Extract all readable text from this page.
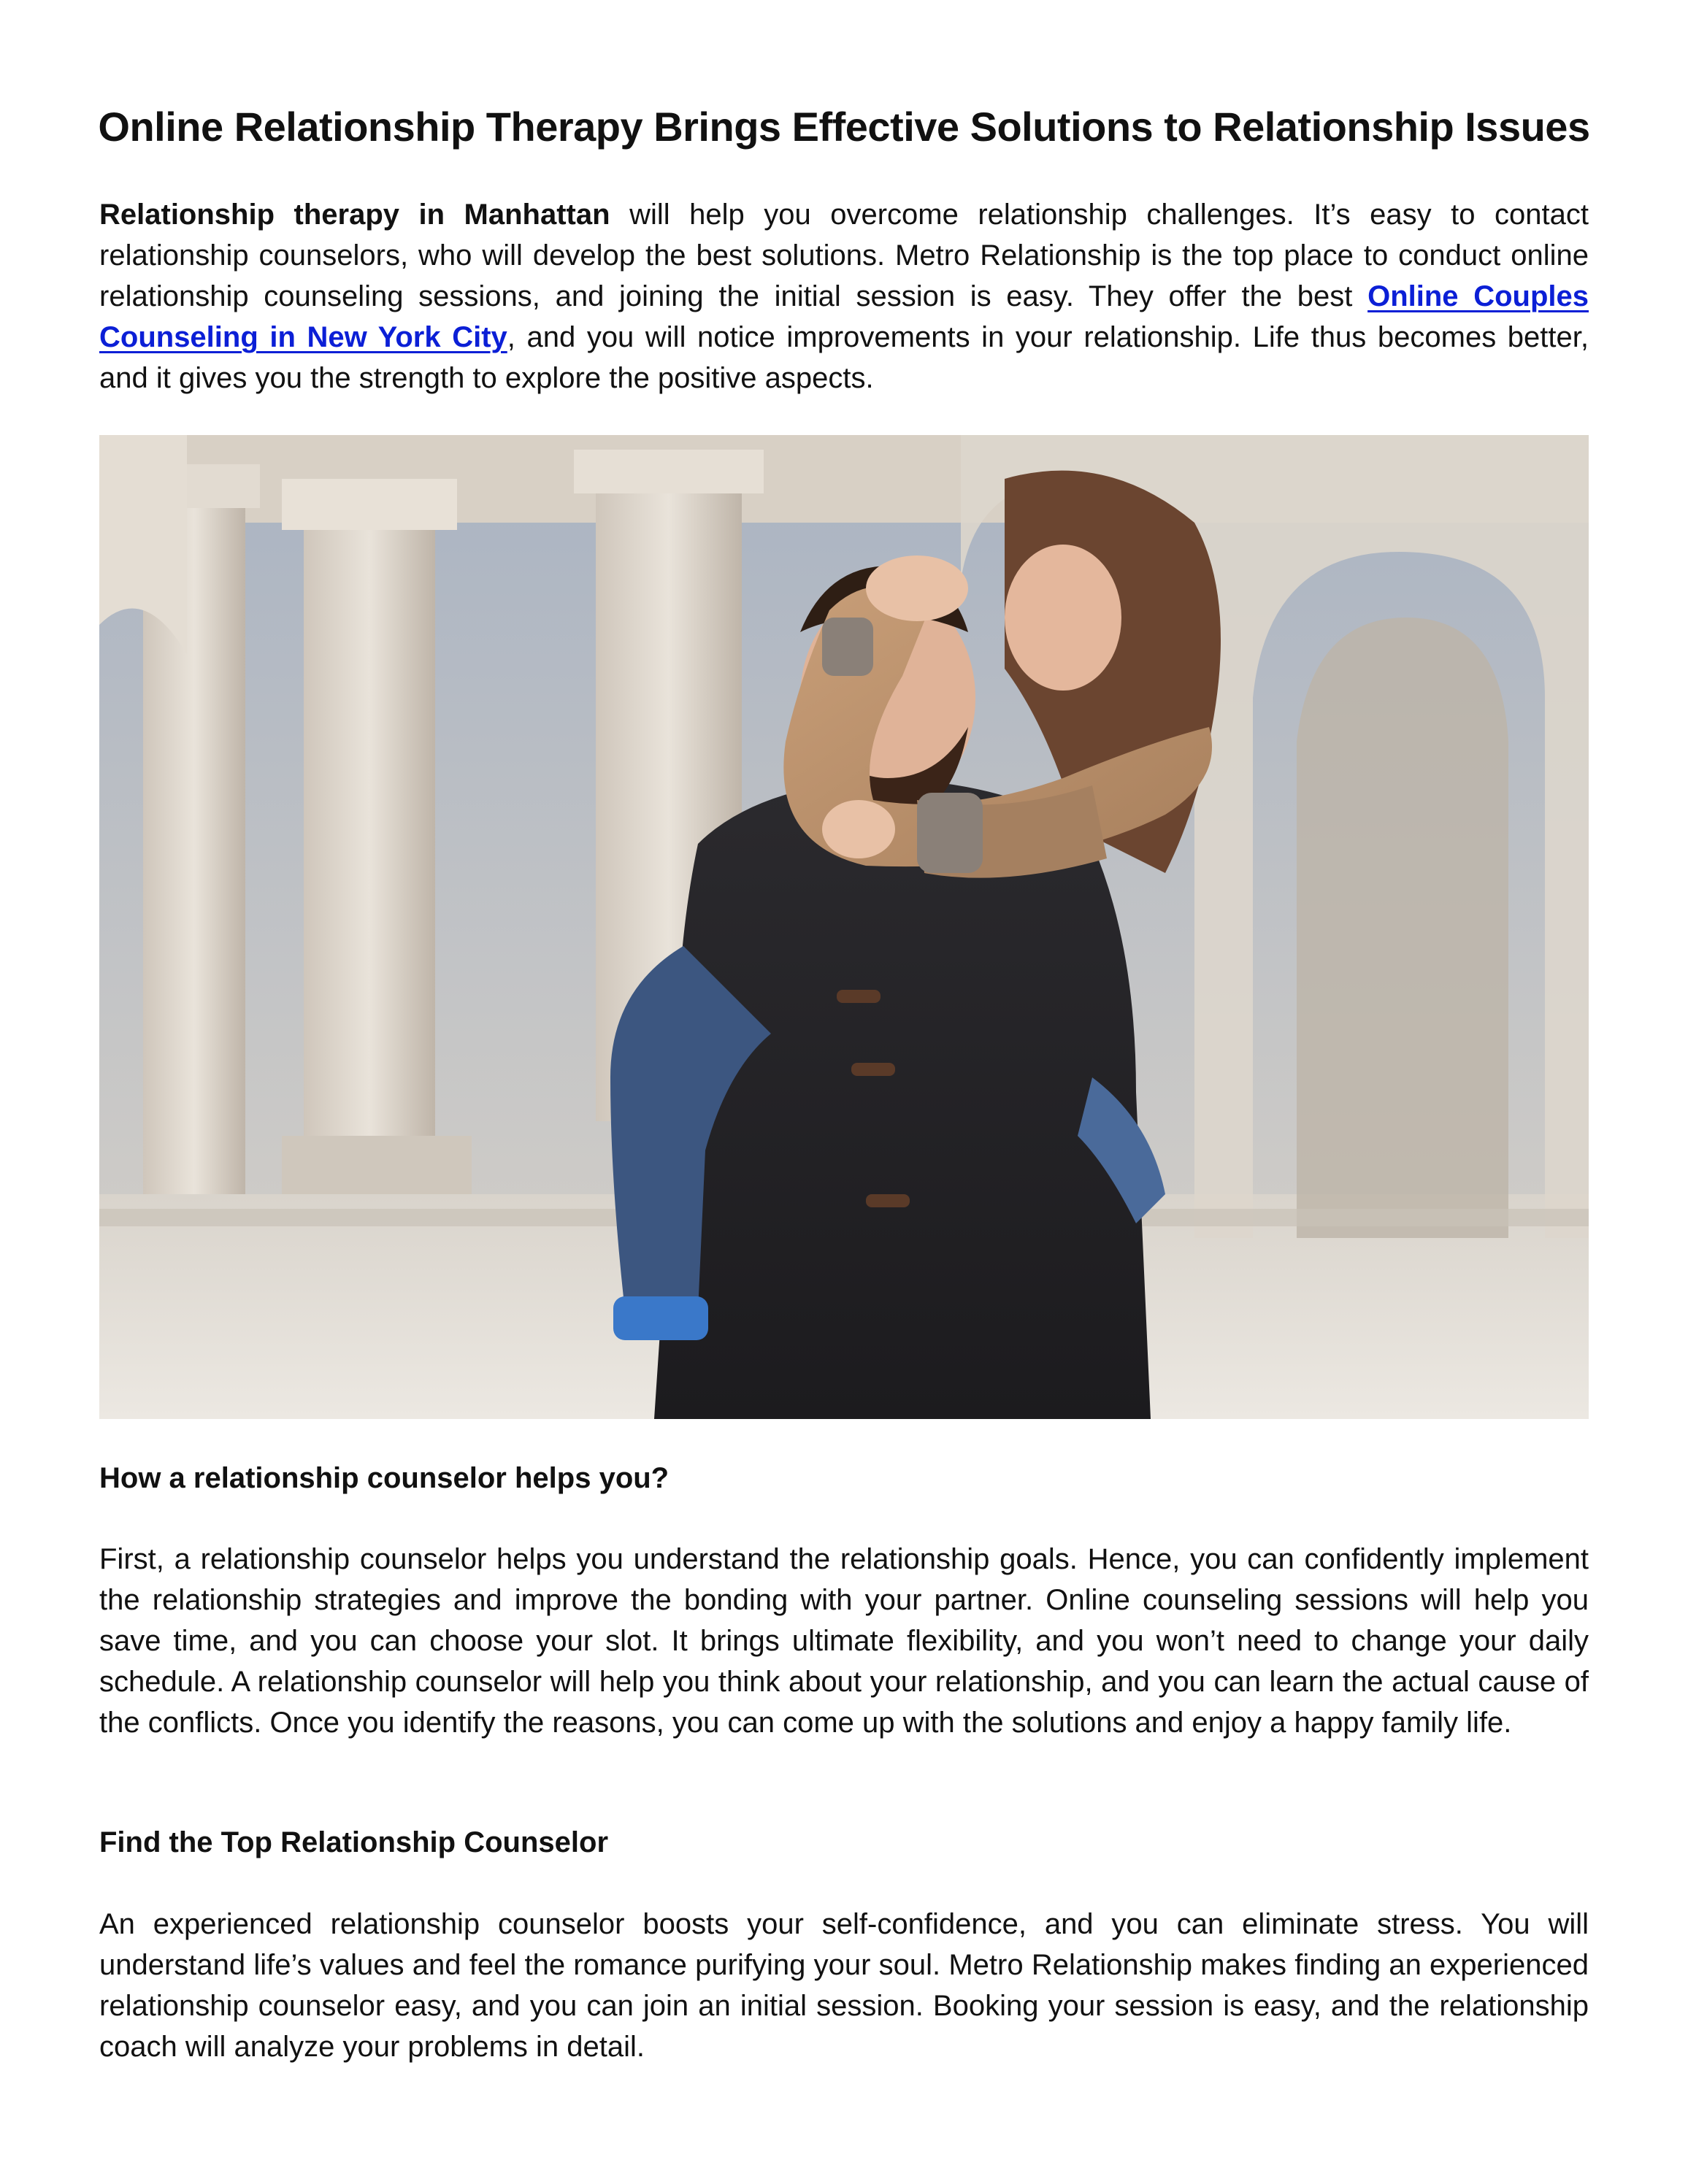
Online Relationship Therapy Brings Effective Solutions to Relationship Issues

Relationship therapy in Manhattan will help you overcome relationship challenges. It’s easy to contact relationship counselors, who will develop the best solutions. Metro Relationship is the top place to conduct online relationship counseling sessions, and joining the initial session is easy. They offer the best Online Couples Counseling in New York City, and you will notice improvements in your relationship. Life thus becomes better, and it gives you the strength to explore the positive aspects.

How a relationship counselor helps you?

First, a relationship counselor helps you understand the relationship goals. Hence, you can confidently implement the relationship strategies and improve the bonding with your partner. Online counseling sessions will help you save time, and you can choose your slot. It brings ultimate flexibility, and you won’t need to change your daily schedule. A relationship counselor will help you think about your relationship, and you can learn the actual cause of the conflicts. Once you identify the reasons, you can come up with the solutions and enjoy a happy family life.

Find the Top Relationship Counselor

An experienced relationship counselor boosts your self-confidence, and you can eliminate stress. You will understand life’s values and feel the romance purifying your soul. Metro Relationship makes finding an experienced relationship counselor easy, and you can join an initial session. Booking your session is easy, and the relationship coach will analyze your problems in detail.
